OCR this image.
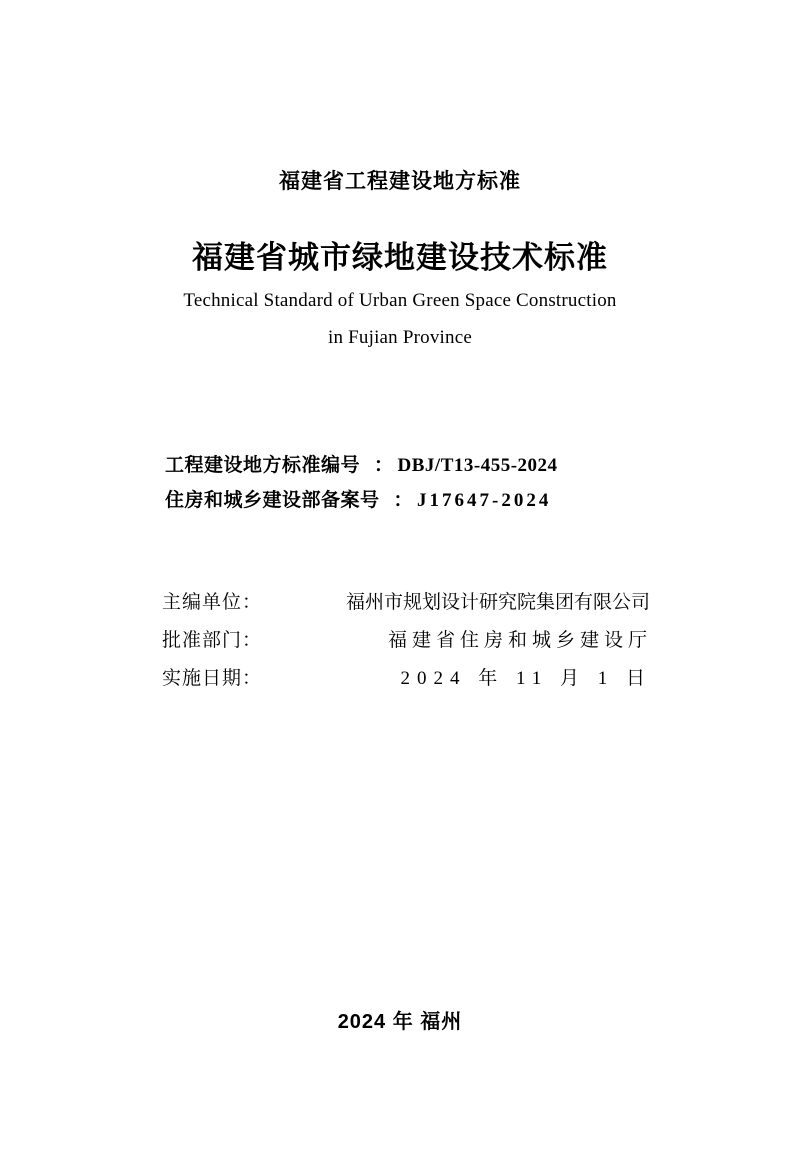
福建省工程建设地方标准
福建省城市绿地建设技术标准
Technical Standard of Urban Green Space Construction
in Fujian Province
工程建设地方标准编号 ： DBJ/T13-455-2024
住房和城乡建设部备案号 ： J17647-2024
主编单位：	福州市规划设计研究院集团有限公司
批准部门：	福建省住房和城乡建设厅
实施日期：	2024 年 11 月 1 日
2024 年 福州
